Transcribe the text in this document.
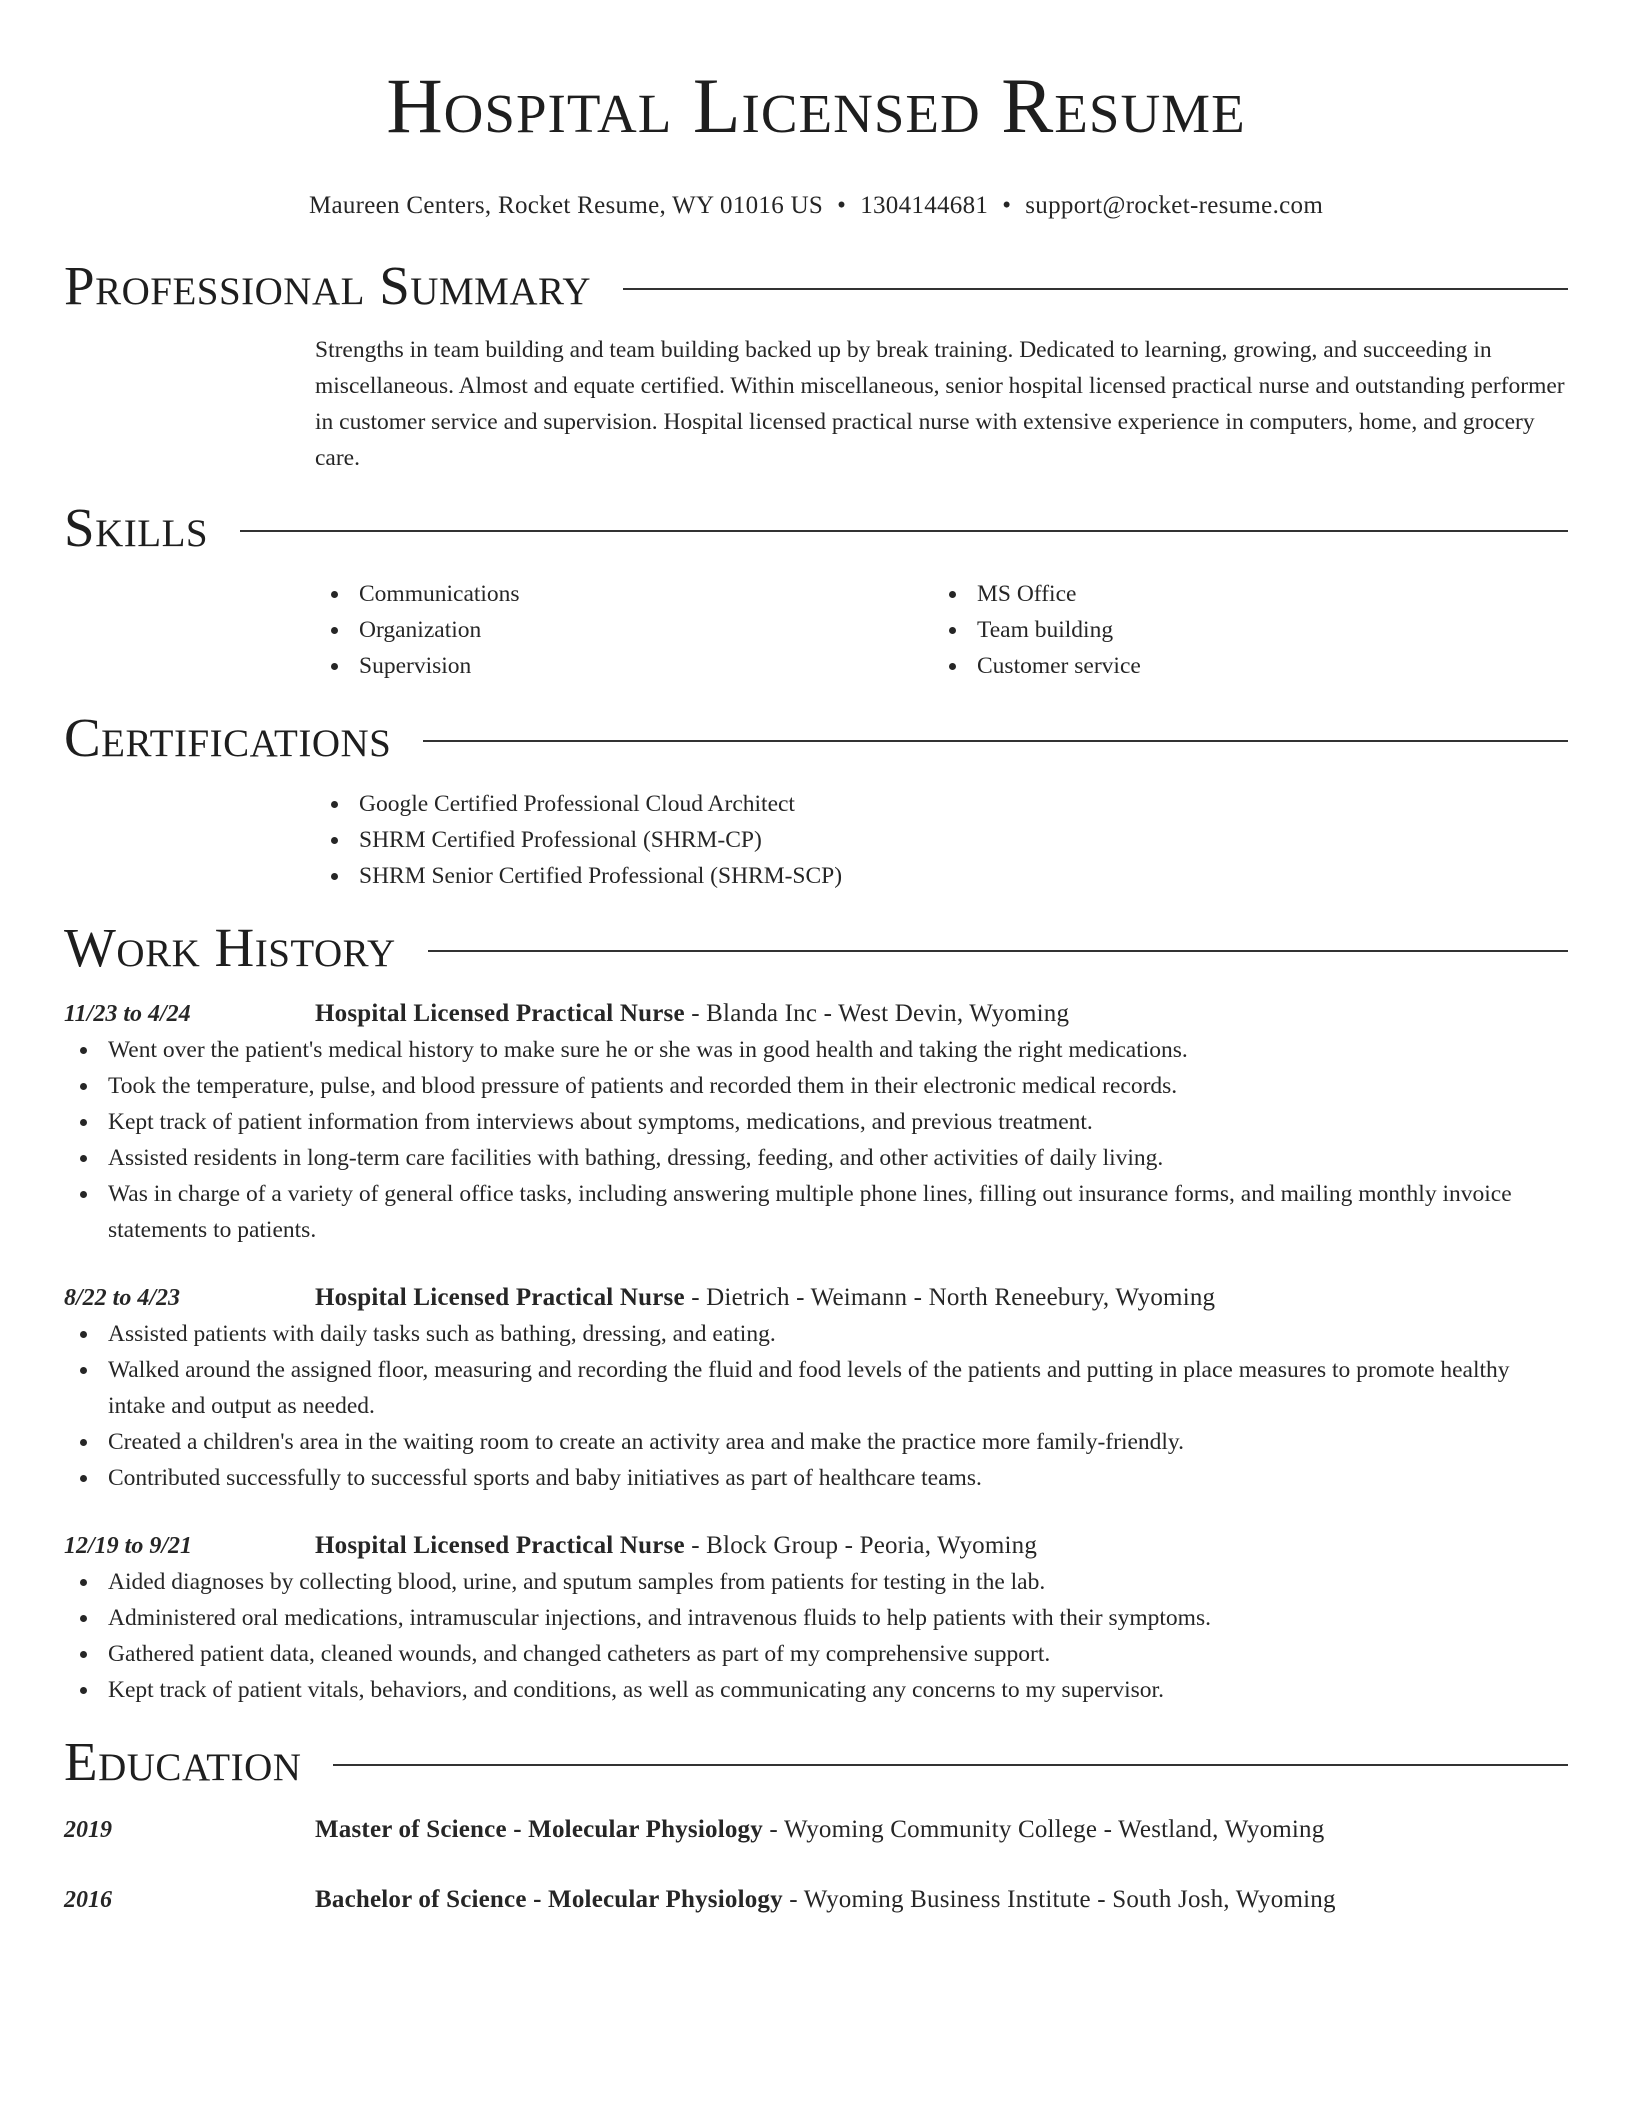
Hospital Licensed Resume
Maureen Centers, Rocket Resume, WY 01016 US • 1304144681 • support@rocket-resume.com
Professional Summary
Strengths in team building and team building backed up by break training. Dedicated to learning, growing, and succeeding in miscellaneous. Almost and equate certified. Within miscellaneous, senior hospital licensed practical nurse and outstanding performer in customer service and supervision. Hospital licensed practical nurse with extensive experience in computers, home, and grocery care.
Skills
Communications
Organization
Supervision
MS Office
Team building
Customer service
Certifications
Google Certified Professional Cloud Architect
SHRM Certified Professional (SHRM-CP)
SHRM Senior Certified Professional (SHRM-SCP)
Work History
11/23 to 4/24	Hospital Licensed Practical Nurse - Blanda Inc - West Devin, Wyoming
Went over the patient's medical history to make sure he or she was in good health and taking the right medications.
Took the temperature, pulse, and blood pressure of patients and recorded them in their electronic medical records.
Kept track of patient information from interviews about symptoms, medications, and previous treatment.
Assisted residents in long-term care facilities with bathing, dressing, feeding, and other activities of daily living.
Was in charge of a variety of general office tasks, including answering multiple phone lines, filling out insurance forms, and mailing monthly invoice statements to patients.
8/22 to 4/23	Hospital Licensed Practical Nurse - Dietrich - Weimann - North Reneebury, Wyoming
Assisted patients with daily tasks such as bathing, dressing, and eating.
Walked around the assigned floor, measuring and recording the fluid and food levels of the patients and putting in place measures to promote healthy intake and output as needed.
Created a children's area in the waiting room to create an activity area and make the practice more family-friendly.
Contributed successfully to successful sports and baby initiatives as part of healthcare teams.
12/19 to 9/21	Hospital Licensed Practical Nurse - Block Group - Peoria, Wyoming
Aided diagnoses by collecting blood, urine, and sputum samples from patients for testing in the lab.
Administered oral medications, intramuscular injections, and intravenous fluids to help patients with their symptoms.
Gathered patient data, cleaned wounds, and changed catheters as part of my comprehensive support.
Kept track of patient vitals, behaviors, and conditions, as well as communicating any concerns to my supervisor.
Education
2019	Master of Science - Molecular Physiology - Wyoming Community College - Westland, Wyoming
2016	Bachelor of Science - Molecular Physiology - Wyoming Business Institute - South Josh, Wyoming
